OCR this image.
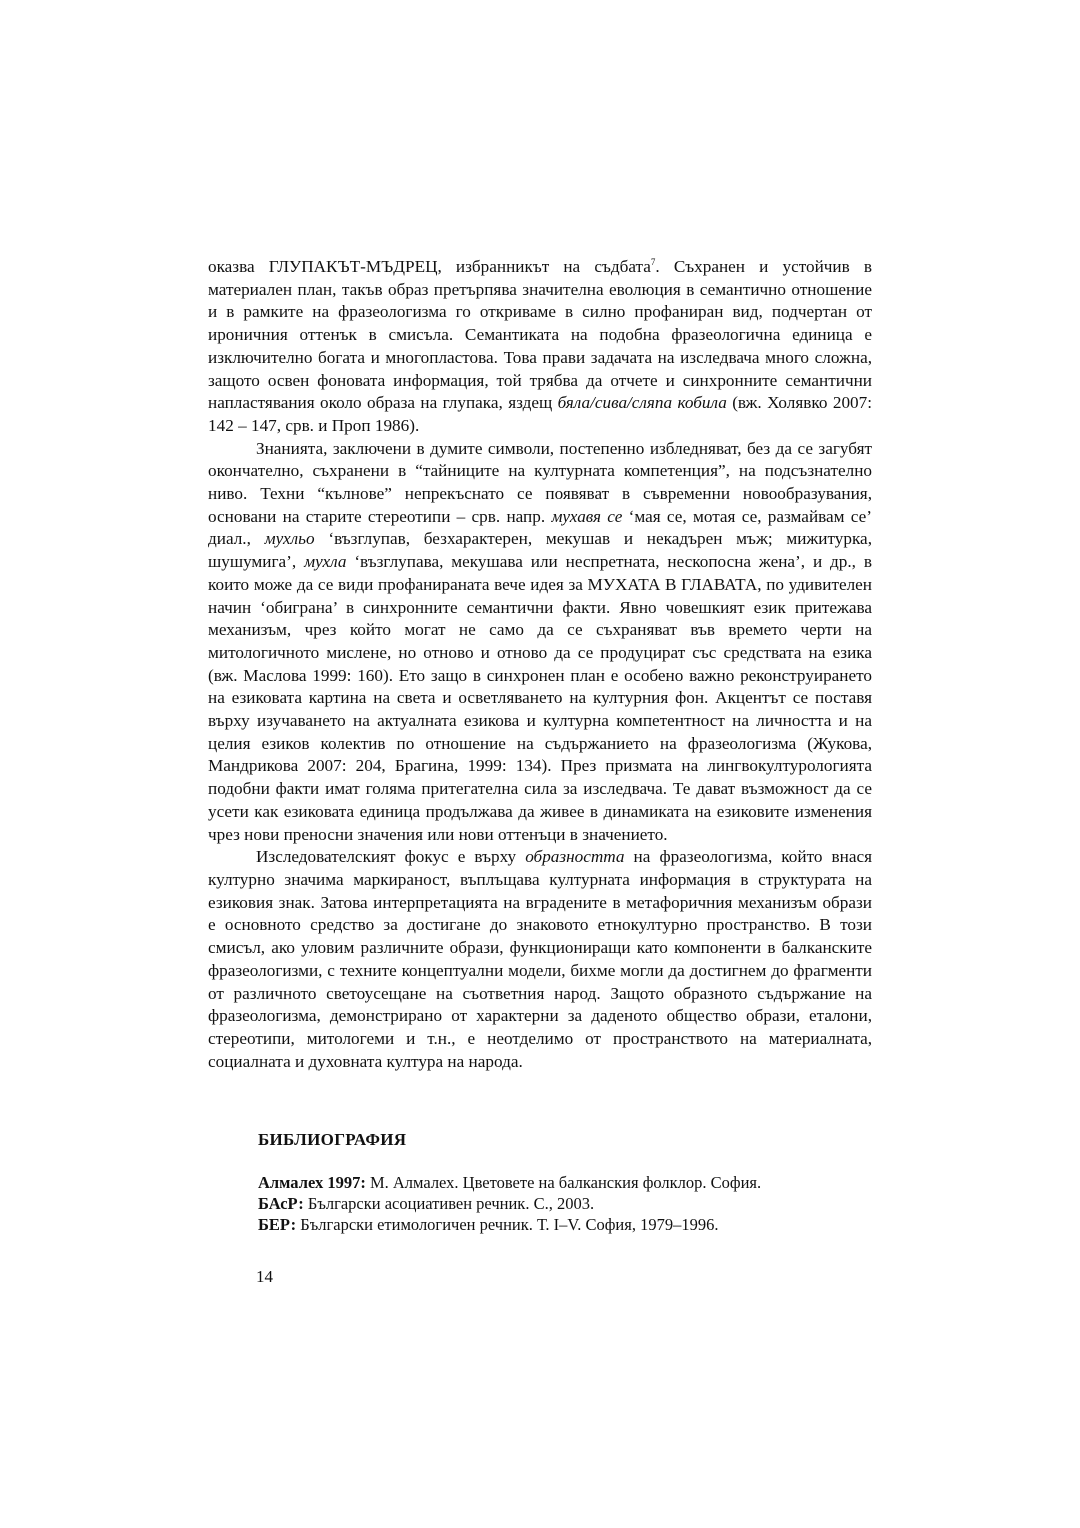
оказва ГЛУПАКЪТ-МЪДРЕЦ, избранникът на съдбата$^7$. Съхранен и устойчив в материален план, такъв образ претърпява значителна еволюция в семантично отношение и в рамките на фразеологизма го откриваме в силно профаниран вид, подчертан от ироничния оттенък в смисъла. Семантиката на подобна фразеологична единица е изключително богата и многопластова. Това прави задачата на изследвача много сложна, защото освен фоновата информация, той трябва да отчете и синхронните семантични напластявания около образа на глупака, яздещ бяла/сива/сляпа кобила (вж. Холявко 2007: 142 – 147, срв. и Проп 1986).

Знанията, заключени в думите символи, постепенно избледняват, без да се загубят окончателно, съхранени в “тайниците на културната компетенция”, на подсъзнателно ниво. Техни “кълнове” непрекъснато се появяват в съвременни новообразувания, основани на старите стереотипи – срв. напр. мухавя се ‘мая се, мотая се, размайвам се’ диал., мухльо ‘възглупав, безхарактерен, мекушав и некадърен мъж; мижитурка, шушумига’, мухла ‘възглупава, мекушава или неспретната, нескопосна жена’, и др., в които може да се види профанираната вече идея за МУХАТА В ГЛАВАТА, по удивителен начин ‘обиграна’ в синхронните семантични факти. Явно човешкият език притежава механизъм, чрез който могат не само да се съхраняват във времето черти на митологичното мислене, но отново и отново да се продуцират със средствата на езика (вж. Маслова 1999: 160). Ето защо в синхронен план е особено важно реконструирането на езиковата картина на света и осветляването на културния фон. Акцентът се поставя върху изучаването на актуалната езикова и културна компетентност на личността и на целия езиков колектив по отношение на съдържанието на фразеологизма (Жукова, Мандрикова 2007: 204, Брагина, 1999: 134). През призмата на лингвокултурологията подобни факти имат голяма притегателна сила за изследвача. Те дават възможност да се усети как езиковата единица продължава да живее в динамиката на езиковите изменения чрез нови преносни значения или нови оттенъци в значението.

Изследователският фокус е върху образността на фразеологизма, който внася културно значима маркираност, въплъщава културната информация в структурата на езиковия знак. Затова интерпретацията на вградените в метафоричния механизъм образи е основното средство за достигане до знаковото етнокултурно пространство. В този смисъл, ако уловим различните образи, функциониращи като компоненти в балканските фразеологизми, с техните концептуални модели, бихме могли да достигнем до фрагменти от различното светоусещане на съответния народ. Защото образното съдържание на фразеологизма, демонстрирано от характерни за даденото общество образи, еталони, стереотипи, митологеми и т.н., е неотделимо от пространството на материалната, социалната и духовната култура на народа.

БИБЛИОГРАФИЯ
Алмалех 1997: М. Алмалех. Цветовете на балканския фолклор. София.
БАсР: Български асоциативен речник. С., 2003.
БЕР: Български етимологичен речник. Т. I–V. София, 1979–1996.
14
